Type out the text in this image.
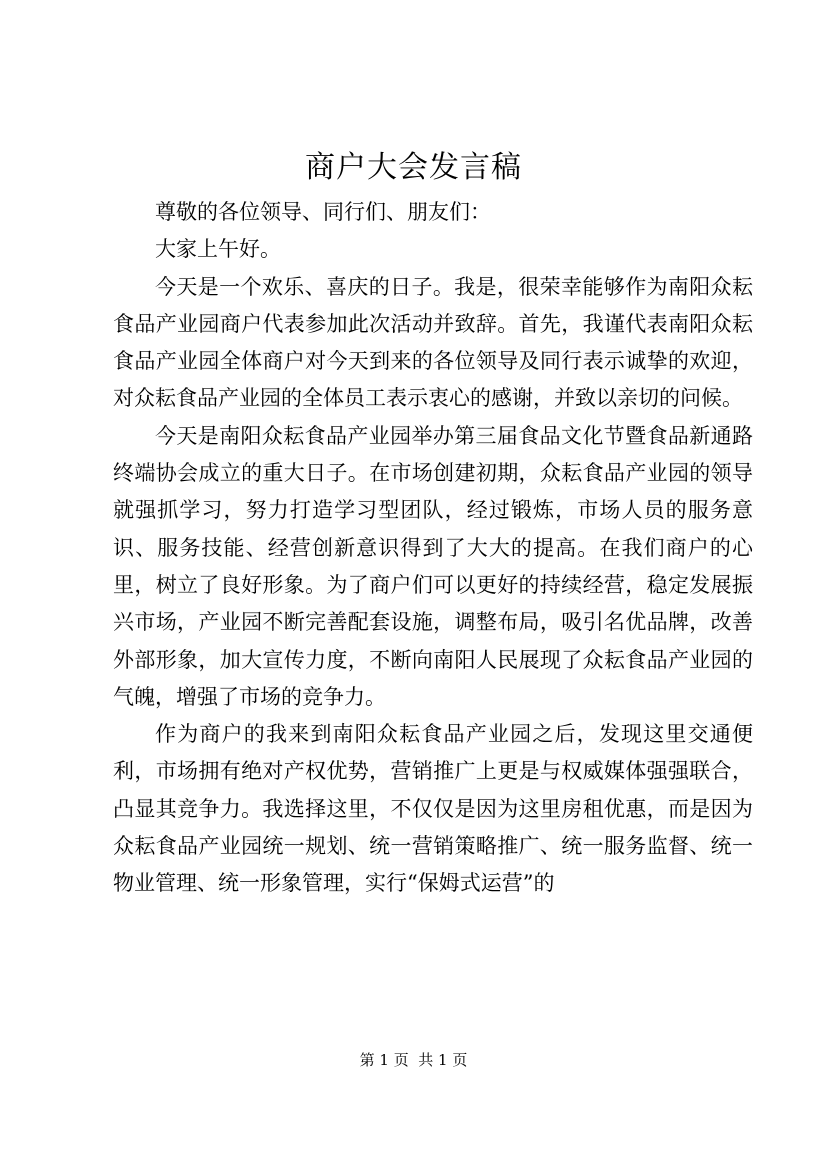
商户大会发言稿

尊敬的各位领导、同行们、朋友们：

大家上午好。

今天是一个欢乐、喜庆的日子。我是，很荣幸能够作为南阳众耘食品产业园商户代表参加此次活动并致辞。首先，我谨代表南阳众耘食品产业园全体商户对今天到来的各位领导及同行表示诚挚的欢迎，对众耘食品产业园的全体员工表示衷心的感谢，并致以亲切的问候。

今天是南阳众耘食品产业园举办第三届食品文化节暨食品新通路终端协会成立的重大日子。在市场创建初期，众耘食品产业园的领导就强抓学习，努力打造学习型团队，经过锻炼，市场人员的服务意识、服务技能、经营创新意识得到了大大的提高。在我们商户的心里，树立了良好形象。为了商户们可以更好的持续经营，稳定发展振兴市场，产业园不断完善配套设施，调整布局，吸引名优品牌，改善外部形象，加大宣传力度，不断向南阳人民展现了众耘食品产业园的气魄，增强了市场的竞争力。

作为商户的我来到南阳众耘食品产业园之后，发现这里交通便利，市场拥有绝对产权优势，营销推广上更是与权威媒体强强联合，凸显其竞争力。我选择这里，不仅仅是因为这里房租优惠，而是因为众耘食品产业园统一规划、统一营销策略推广、统一服务监督、统一物业管理、统一形象管理，实行“保姆式运营”的

第 1 页  共 1 页
